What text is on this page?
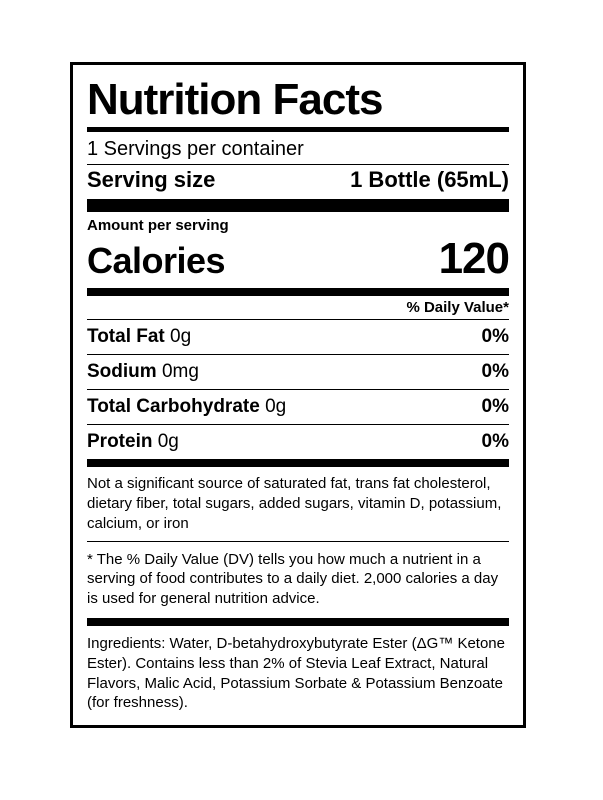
Nutrition Facts
1 Servings per container
Serving size	1 Bottle (65mL)
Amount per serving
Calories	120
% Daily Value*
Total Fat 0g	0%
Sodium 0mg	0%
Total Carbohydrate 0g	0%
Protein 0g	0%
Not a significant source of saturated fat, trans fat cholesterol, dietary fiber, total sugars, added sugars, vitamin D, potassium, calcium, or iron
* The % Daily Value (DV) tells you how much a nutrient in a serving of food contributes to a daily diet. 2,000 calories a day is used for general nutrition advice.
Ingredients: Water, D-betahydroxybutyrate Ester (ΔG™ Ketone Ester). Contains less than 2% of Stevia Leaf Extract, Natural Flavors, Malic Acid, Potassium Sorbate & Potassium Benzoate (for freshness).
